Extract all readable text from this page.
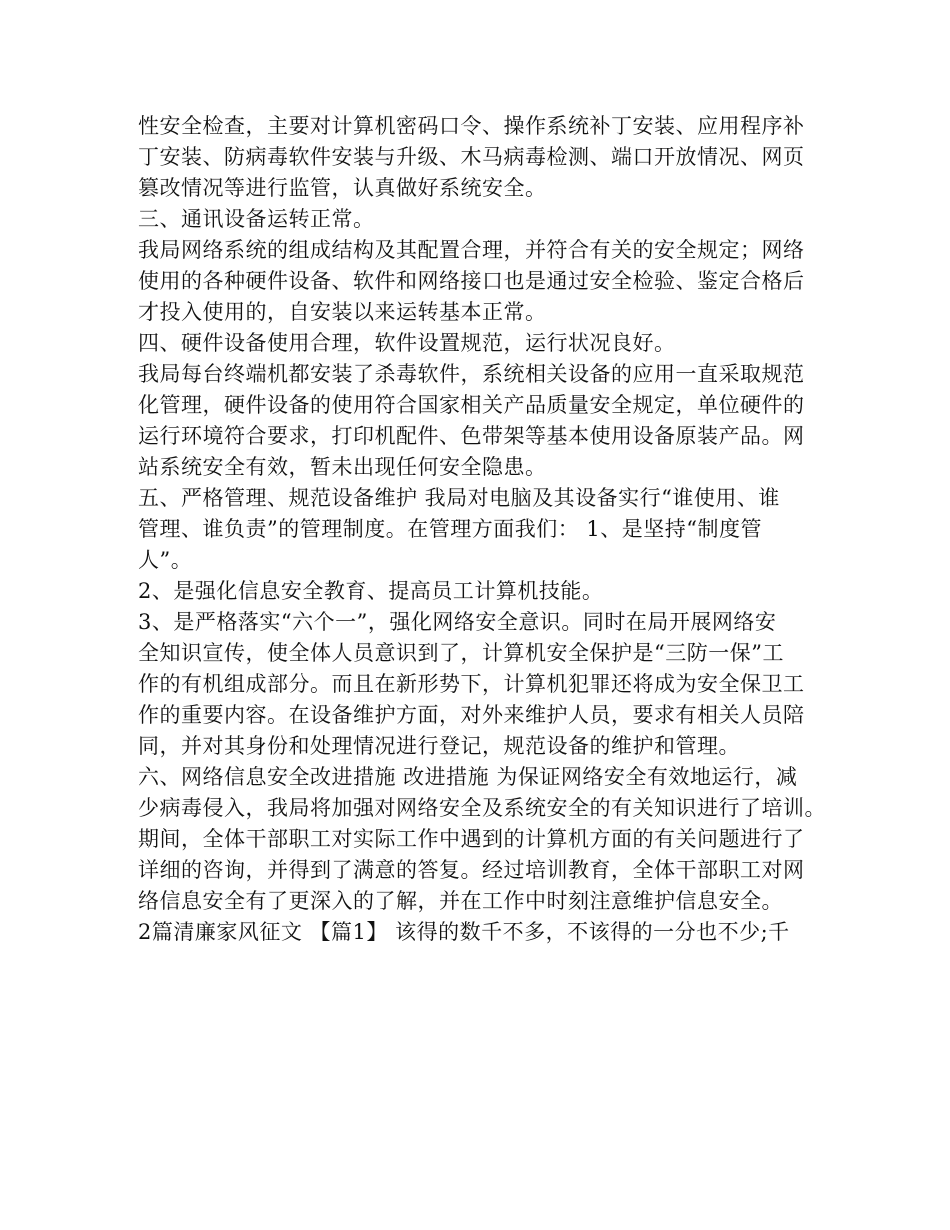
性安全检查，主要对计算机密码口令、操作系统补丁安装、应用程序补
丁安装、防病毒软件安装与升级、木马病毒检测、端口开放情况、网页
篡改情况等进行监管，认真做好系统安全。
三、通讯设备运转正常。
我局网络系统的组成结构及其配置合理，并符合有关的安全规定；网络
使用的各种硬件设备、软件和网络接口也是通过安全检验、鉴定合格后
才投入使用的，自安装以来运转基本正常。
四、硬件设备使用合理，软件设置规范，运行状况良好。
我局每台终端机都安装了杀毒软件，系统相关设备的应用一直采取规范
化管理，硬件设备的使用符合国家相关产品质量安全规定，单位硬件的
运行环境符合要求，打印机配件、色带架等基本使用设备原装产品。网
站系统安全有效，暂未出现任何安全隐患。
五、严格管理、规范设备维护 我局对电脑及其设备实行“谁使用、谁
管理、谁负责”的管理制度。在管理方面我们： 1、是坚持“制度管
人”。
2、是强化信息安全教育、提高员工计算机技能。
3、是严格落实“六个一”，强化网络安全意识。同时在局开展网络安
全知识宣传，使全体人员意识到了，计算机安全保护是“三防一保”工
作的有机组成部分。而且在新形势下，计算机犯罪还将成为安全保卫工
作的重要内容。在设备维护方面，对外来维护人员，要求有相关人员陪
同，并对其身份和处理情况进行登记，规范设备的维护和管理。
六、网络信息安全改进措施 改进措施 为保证网络安全有效地运行，减
少病毒侵入，我局将加强对网络安全及系统安全的有关知识进行了培训。
期间，全体干部职工对实际工作中遇到的计算机方面的有关问题进行了
详细的咨询，并得到了满意的答复。经过培训教育，全体干部职工对网
络信息安全有了更深入的了解，并在工作中时刻注意维护信息安全。
2篇清廉家风征文 【篇1】 该得的数千不多，不该得的一分也不少;千
